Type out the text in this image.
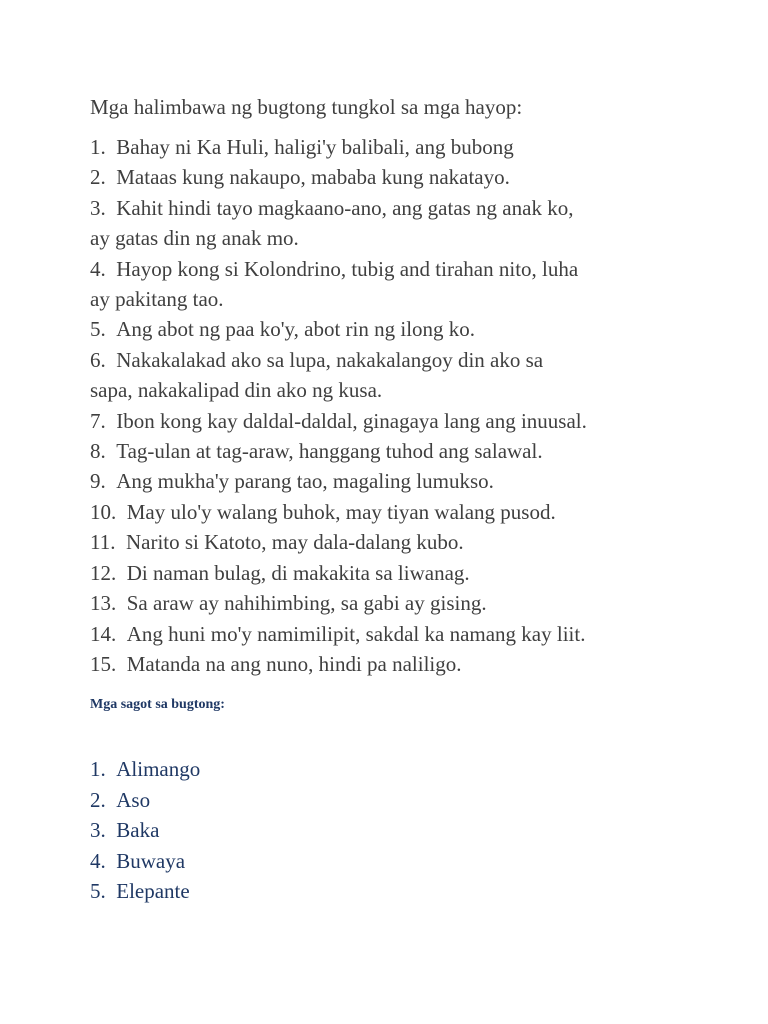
Mga halimbawa ng bugtong tungkol sa mga hayop:
1. Bahay ni Ka Huli, haligi'y balibali, ang bubong
2. Mataas kung nakaupo, mababa kung nakatayo.
3. Kahit hindi tayo magkaano-ano, ang gatas ng anak ko,
ay gatas din ng anak mo.
4. Hayop kong si Kolondrino, tubig and tirahan nito, luha
ay pakitang tao.
5. Ang abot ng paa ko'y, abot rin ng ilong ko.
6. Nakakalakad ako sa lupa, nakakalangoy din ako sa
sapa, nakakalipad din ako ng kusa.
7. Ibon kong kay daldal-daldal, ginagaya lang ang inuusal.
8. Tag-ulan at tag-araw, hanggang tuhod ang salawal.
9. Ang mukha'y parang tao, magaling lumukso.
10. May ulo'y walang buhok, may tiyan walang pusod.
11. Narito si Katoto, may dala-dalang kubo.
12. Di naman bulag, di makakita sa liwanag.
13. Sa araw ay nahihimbing, sa gabi ay gising.
14. Ang huni mo'y namimilipit, sakdal ka namang kay liit.
15. Matanda na ang nuno, hindi pa naliligo.
Mga sagot sa bugtong:
1. Alimango
2. Aso
3. Baka
4. Buwaya
5. Elepante
